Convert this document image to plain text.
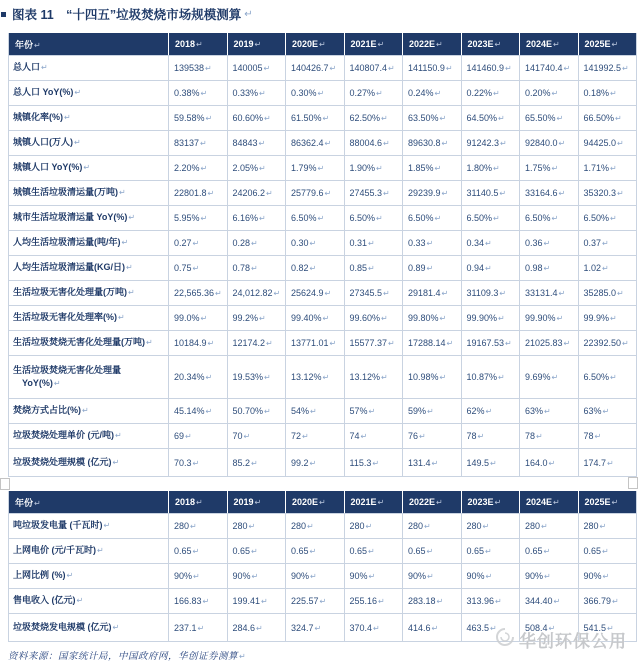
图表 11　“十四五”垃圾焚烧市场规模测算 ↵
年份↵	2018↵	2019↵	2020E↵	2021E↵	2022E↵	2023E↵	2024E↵	2025E↵
总人口↵	139538↵	140005↵	140426.7↵	140807.4↵	141150.9↵	141460.9↵	141740.4↵	141992.5↵
总人口 YoY(%)↵	0.38%↵	0.33%↵	0.30%↵	0.27%↵	0.24%↵	0.22%↵	0.20%↵	0.18%↵
城镇化率(%)↵	59.58%↵	60.60%↵	61.50%↵	62.50%↵	63.50%↵	64.50%↵	65.50%↵	66.50%↵
城镇人口(万人)↵	83137↵	84843↵	86362.4↵	88004.6↵	89630.8↵	91242.3↵	92840.0↵	94425.0↵
城镇人口 YoY(%)↵	2.20%↵	2.05%↵	1.79%↵	1.90%↵	1.85%↵	1.80%↵	1.75%↵	1.71%↵
城镇生活垃圾清运量(万吨)↵	22801.8↵	24206.2↵	25779.6↵	27455.3↵	29239.9↵	31140.5↵	33164.6↵	35320.3↵
城市生活垃圾清运量 YoY(%)↵	5.95%↵	6.16%↵	6.50%↵	6.50%↵	6.50%↵	6.50%↵	6.50%↵	6.50%↵
人均生活垃圾清运量(吨/年)↵	0.27↵	0.28↵	0.30↵	0.31↵	0.33↵	0.34↵	0.36↵	0.37↵
人均生活垃圾清运量(KG/日)↵	0.75↵	0.78↵	0.82↵	0.85↵	0.89↵	0.94↵	0.98↵	1.02↵
生活垃圾无害化处理量(万吨)↵	22,565.36↵	24,012.82↵	25624.9↵	27345.5↵	29181.4↵	31109.3↵	33131.4↵	35285.0↵
生活垃圾无害化处理率(%)↵	99.0%↵	99.2%↵	99.40%↵	99.60%↵	99.80%↵	99.90%↵	99.90%↵	99.9%↵
生活垃圾焚烧无害化处理量(万吨)↵	10184.9↵	12174.2↵	13771.01↵	15577.37↵	17288.14↵	19167.53↵	21025.83↵	22392.50↵
生活垃圾焚烧无害化处理量
　YoY(%)↵	20.34%↵	19.53%↵	13.12%↵	13.12%↵	10.98%↵	10.87%↵	9.69%↵	6.50%↵
焚烧方式占比(%)↵	45.14%↵	50.70%↵	54%↵	57%↵	59%↵	62%↵	63%↵	63%↵
垃圾焚烧处理单价 (元/吨)↵	69↵	70↵	72↵	74↵	76↵	78↵	78↵	78↵
垃圾焚烧处理规模 (亿元)↵	70.3↵	85.2↵	99.2↵	115.3↵	131.4↵	149.5↵	164.0↵	174.7↵
年份↵	2018↵	2019↵	2020E↵	2021E↵	2022E↵	2023E↵	2024E↵	2025E↵
吨垃圾发电量 (千瓦时)↵	280↵	280↵	280↵	280↵	280↵	280↵	280↵	280↵
上网电价 (元/千瓦时)↵	0.65↵	0.65↵	0.65↵	0.65↵	0.65↵	0.65↵	0.65↵	0.65↵
上网比例 (%)↵	90%↵	90%↵	90%↵	90%↵	90%↵	90%↵	90%↵	90%↵
售电收入 (亿元)↵	166.83↵	199.41↵	225.57↵	255.16↵	283.18↵	313.96↵	344.40↵	366.79↵
垃圾焚烧发电规模 (亿元)↵	237.1↵	284.6↵	324.7↵	370.4↵	414.6↵	463.5↵	508.4↵	541.5↵
资料来源：国家统计局，中国政府网，华创证券测算↵
华创环保公用
